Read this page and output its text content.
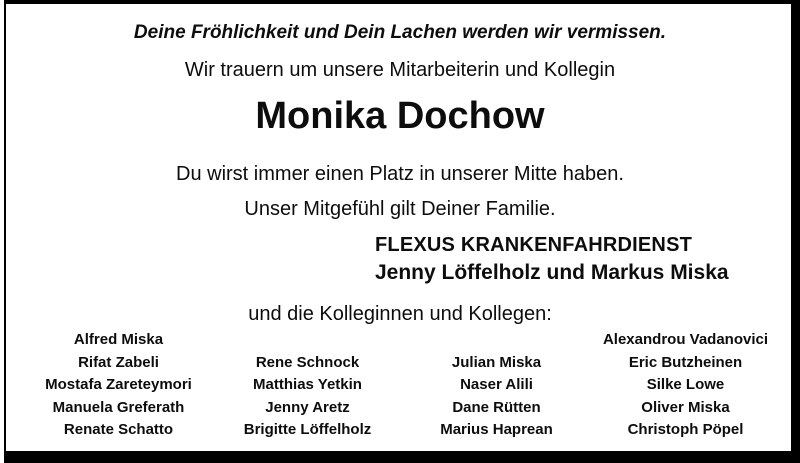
Deine Fröhlichkeit und Dein Lachen werden wir vermissen.
Wir trauern um unsere Mitarbeiterin und Kollegin
Monika Dochow
Du wirst immer einen Platz in unserer Mitte haben.
Unser Mitgefühl gilt Deiner Familie.
FLEXUS KRANKENFAHRDIENST
Jenny Löffelholz und Markus Miska
und die Kolleginnen und Kollegen:
Alfred Miska
Rifat Zabeli
Mostafa Zareteymori
Manuela Greferath
Renate Schatto
Rene Schnock
Matthias Yetkin
Jenny Aretz
Brigitte Löffelholz
Julian Miska
Naser Alili
Dane Rütten
Marius Haprean
Alexandrou Vadanovici
Eric Butzheinen
Silke Lowe
Oliver Miska
Christoph Pöpel
